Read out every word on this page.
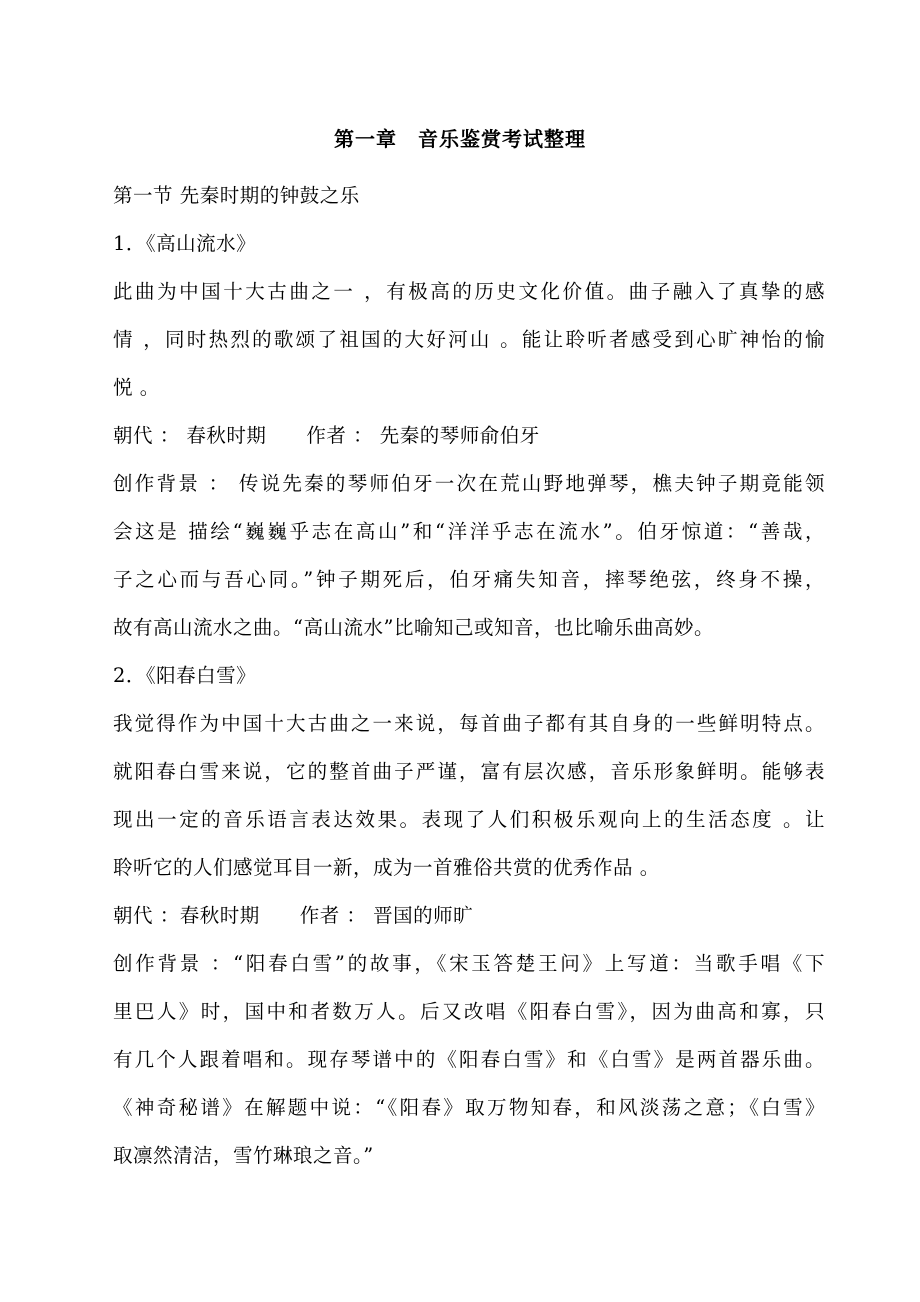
第一章　音乐鉴赏考试整理
第一节 先秦时期的钟鼓之乐
1．《高山流水》
此曲为中国十大古曲之一 ，有极高的历史文化价值。曲子融入了真挚的感
情 ，同时热烈的歌颂了祖国的大好河山 。能让聆听者感受到心旷神怡的愉
悦 。
朝代 ： 春秋时期　　作者 ： 先秦的琴师俞伯牙
创作背景 ： 传说先秦的琴师伯牙一次在荒山野地弹琴，樵夫钟子期竟能领
会这是 描绘“巍巍乎志在高山”和“洋洋乎志在流水”。伯牙惊道：“善哉，
子之心而与吾心同。”钟子期死后，伯牙痛失知音，摔琴绝弦，终身不操，
故有高山流水之曲。“高山流水”比喻知己或知音，也比喻乐曲高妙。
2．《阳春白雪》
我觉得作为中国十大古曲之一来说，每首曲子都有其自身的一些鲜明特点。
就阳春白雪来说，它的整首曲子严谨，富有层次感，音乐形象鲜明。能够表
现出一定的音乐语言表达效果。表现了人们积极乐观向上的生活态度 。让
聆听它的人们感觉耳目一新，成为一首雅俗共赏的优秀作品 。
朝代 ：春秋时期　　作者 ： 晋国的师旷
创作背景 ：“阳春白雪”的故事，《宋玉答楚王问》上写道：当歌手唱《下
里巴人》时，国中和者数万人。后又改唱《阳春白雪》，因为曲高和寡，只
有几个人跟着唱和。现存琴谱中的《阳春白雪》和《白雪》是两首器乐曲。
《神奇秘谱》在解题中说：“《阳春》取万物知春，和风淡荡之意；《白雪》
取凛然清洁，雪竹琳琅之音。”
